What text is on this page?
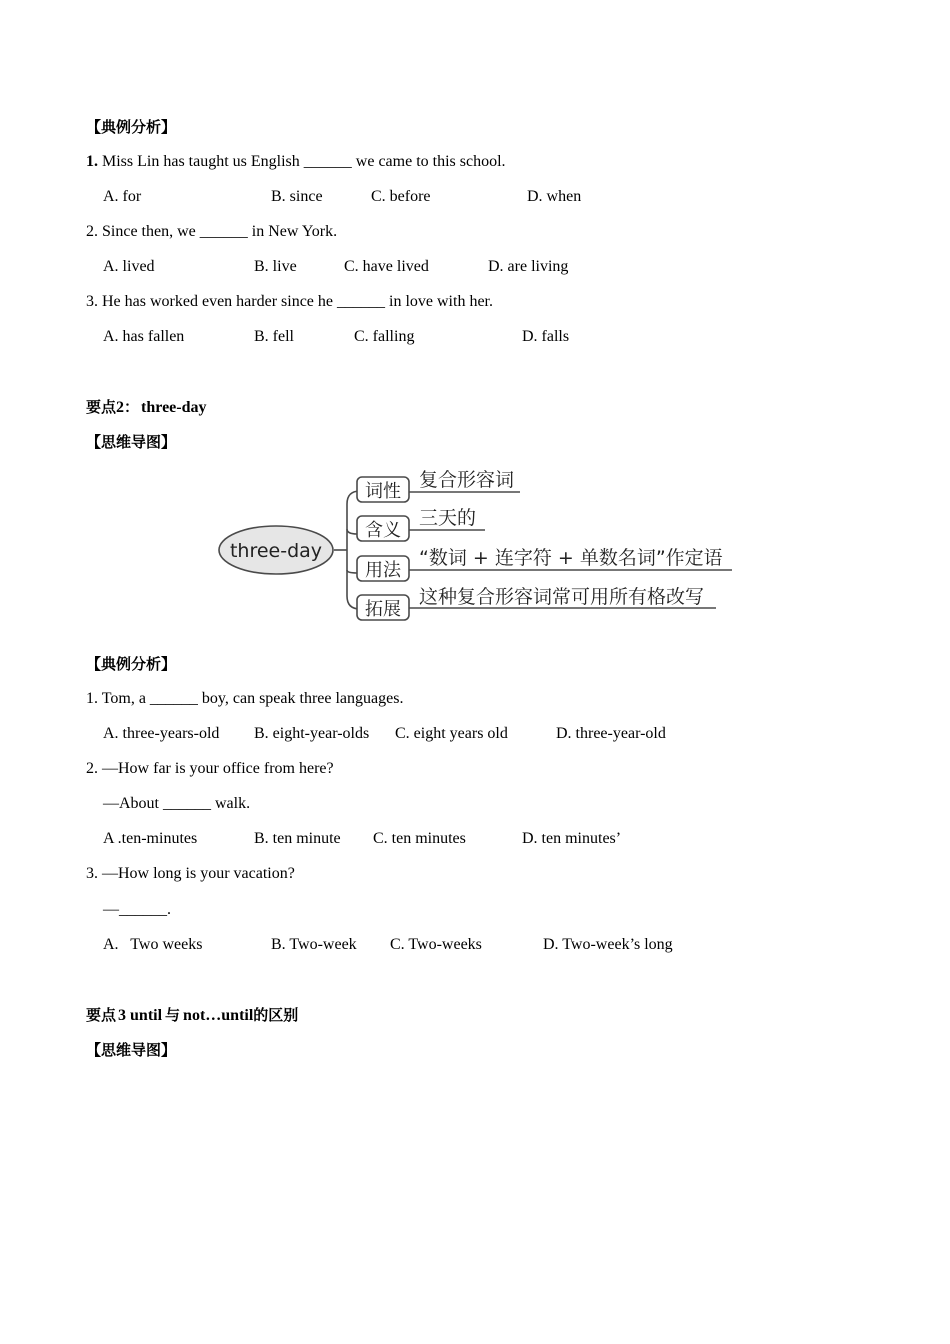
【典例分析】
1. Miss Lin has taught us English ______ we came to this school.
A. for	B. since	C. before	D. when
2. Since then, we ______ in New York.
A. lived	B. live	C. have lived	D. are living
3. He has worked even harder since he ______ in love with her.
A. has fallen	B. fell	C. falling	D. falls
要点2： three-day
【思维导图】
three-day
词性
复合形容词
含义
三天的
用法
“数词 + 连字符 + 单数名词”作定语
拓展
这种复合形容词常可用所有格改写
【典例分析】
1. Tom, a ______ boy, can speak three languages.
A. three-years-old B. eight-year-olds C. eight years old	D. three-year-old
2. —How far is your office from here?
—About ______ walk.
A .ten-minutes	B. ten minute C. ten minutes	D. ten minutes’
3. —How long is your vacation?
—______.
A.   Two weeks	B. Two-week C. Two-weeks	D. Two-week’s long
要点 3 until 与 not…until的区别
【思维导图】
